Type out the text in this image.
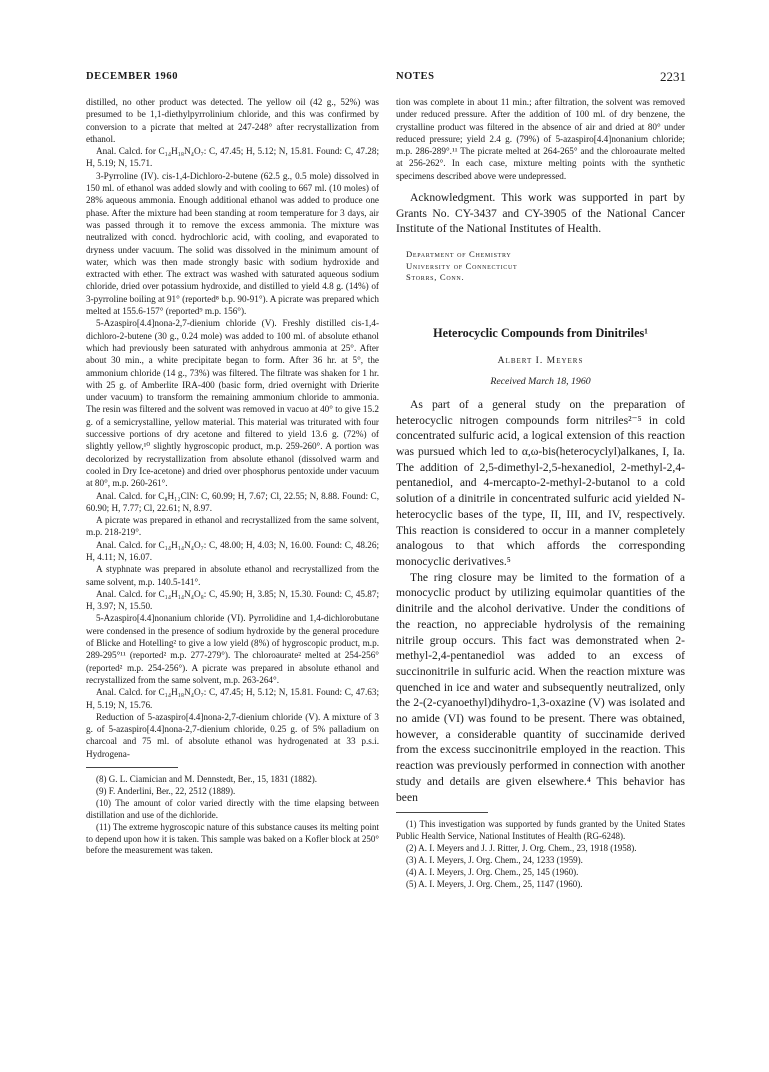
DECEMBER 1960	NOTES	2231

distilled, no other product was detected. The yellow oil (42 g., 52%) was presumed to be 1,1-diethylpyrrolinium chloride, and this was confirmed by conversion to a picrate that melted at 247-248° after recrystallization from ethanol.

Anal. Calcd. for C₁₄H₁₈N₄O₇: C, 47.45; H, 5.12; N, 15.81. Found: C, 47.28; H, 5.19; N, 15.71.

3-Pyrroline (IV). cis-1,4-Dichloro-2-butene (62.5 g., 0.5 mole) dissolved in 150 ml. of ethanol was added slowly and with cooling to 667 ml. (10 moles) of 28% aqueous ammonia. Enough additional ethanol was added to produce one phase. After the mixture had been standing at room temperature for 3 days, air was passed through it to remove the excess ammonia. The mixture was neutralized with concd. hydrochloric acid, with cooling, and evaporated to dryness under vacuum. The solid was dissolved in the minimum amount of water, which was then made strongly basic with sodium hydroxide and extracted with ether. The extract was washed with saturated aqueous sodium chloride, dried over potassium hydroxide, and distilled to yield 4.8 g. (14%) of 3-pyrroline boiling at 91° (reported⁸ b.p. 90-91°). A picrate was prepared which melted at 155.6-157° (reported⁹ m.p. 156°).

5-Azaspiro[4.4]nona-2,7-dienium chloride (V). Freshly distilled cis-1,4-dichloro-2-butene (30 g., 0.24 mole) was added to 100 ml. of absolute ethanol which had previously been saturated with anhydrous ammonia at 25°. After about 30 min., a white precipitate began to form. After 36 hr. at 5°, the ammonium chloride (14 g., 73%) was filtered. The filtrate was shaken for 1 hr. with 25 g. of Amberlite IRA-400 (basic form, dried overnight with Drierite under vacuum) to transform the remaining ammonium chloride to ammonia. The resin was filtered and the solvent was removed in vacuo at 40° to give 15.2 g. of a semicrystalline, yellow material. This material was triturated with four successive portions of dry acetone and filtered to yield 13.6 g. (72%) of slightly yellow,¹⁰ slightly hygroscopic product, m.p. 259-260°. A portion was decolorized by recrystallization from absolute ethanol (dissolved warm and cooled in Dry Ice-acetone) and dried over phosphorus pentoxide under vacuum at 80°, m.p. 260-261°.

Anal. Calcd. for C₈H₁₂ClN: C, 60.99; H, 7.67; Cl, 22.55; N, 8.88. Found: C, 60.90; H, 7.77; Cl, 22.61; N, 8.97.

A picrate was prepared in ethanol and recrystallized from the same solvent, m.p. 218-219°.

Anal. Calcd. for C₁₄H₁₄N₄O₇: C, 48.00; H, 4.03; N, 16.00. Found: C, 48.26; H, 4.11; N, 16.07.

A styphnate was prepared in absolute ethanol and recrystallized from the same solvent, m.p. 140.5-141°.

Anal. Calcd. for C₁₄H₁₄N₄O₈: C, 45.90; H, 3.85; N, 15.30. Found: C, 45.87; H, 3.97; N, 15.50.

5-Azaspiro[4.4]nonanium chloride (VI). Pyrrolidine and 1,4-dichlorobutane were condensed in the presence of sodium hydroxide by the general procedure of Blicke and Hotelling² to give a low yield (8%) of hygroscopic product, m.p. 289-295°¹¹ (reported² m.p. 277-279°). The chloroaurate² melted at 254-256° (reported² m.p. 254-256°). A picrate was prepared in absolute ethanol and recrystallized from the same solvent, m.p. 263-264°.

Anal. Calcd. for C₁₄H₁₈N₄O₇: C, 47.45; H, 5.12; N, 15.81. Found: C, 47.63; H, 5.19; N, 15.76.

Reduction of 5-azaspiro[4.4]nona-2,7-dienium chloride (V). A mixture of 3 g. of 5-azaspiro[4.4]nona-2,7-dienium chloride, 0.25 g. of 5% palladium on charcoal and 75 ml. of absolute ethanol was hydrogenated at 33 p.s.i. Hydrogena-

(8) G. L. Ciamician and M. Dennstedt, Ber., 15, 1831 (1882).

(9) F. Anderlini, Ber., 22, 2512 (1889).

(10) The amount of color varied directly with the time elapsing between distillation and use of the dichloride.

(11) The extreme hygroscopic nature of this substance causes its melting point to depend upon how it is taken. This sample was baked on a Kofler block at 250° before the measurement was taken.

tion was complete in about 11 min.; after filtration, the solvent was removed under reduced pressure. After the addition of 100 ml. of dry benzene, the crystalline product was filtered in the absence of air and dried at 80° under reduced pressure; yield 2.4 g. (79%) of 5-azaspiro[4.4]nonanium chloride; m.p. 286-289°.¹¹ The picrate melted at 264-265° and the chloroaurate melted at 256-262°. In each case, mixture melting points with the synthetic specimens described above were undepressed.

Acknowledgment. This work was supported in part by Grants No. CY-3437 and CY-3905 of the National Cancer Institute of the National Institutes of Health.

Department of Chemistry
University of Connecticut
Storrs, Conn.
Heterocyclic Compounds from Dinitriles¹
Albert I. Meyers
Received March 18, 1960

As part of a general study on the preparation of heterocyclic nitrogen compounds form nitriles²⁻⁵ in cold concentrated sulfuric acid, a logical extension of this reaction was pursued which led to α,ω-bis(heterocyclyl)alkanes, I, Ia. The addition of 2,5-dimethyl-2,5-hexanediol, 2-methyl-2,4-pentanediol, and 4-mercapto-2-methyl-2-butanol to a cold solution of a dinitrile in concentrated sulfuric acid yielded N-heterocyclic bases of the type, II, III, and IV, respectively. This reaction is considered to occur in a manner completely analogous to that which affords the corresponding monocyclic derivatives.⁵

The ring closure may be limited to the formation of a monocyclic product by utilizing equimolar quantities of the dinitrile and the alcohol derivative. Under the conditions of the reaction, no appreciable hydrolysis of the remaining nitrile group occurs. This fact was demonstrated when 2-methyl-2,4-pentanediol was added to an excess of succinonitrile in sulfuric acid. When the reaction mixture was quenched in ice and water and subsequently neutralized, only the 2-(2-cyanoethyl)dihydro-1,3-oxazine (V) was isolated and no amide (VI) was found to be present. There was obtained, however, a considerable quantity of succinamide derived from the excess succinonitrile employed in the reaction. This reaction was previously performed in connection with another study and details are given elsewhere.⁴ This behavior has been

(1) This investigation was supported by funds granted by the United States Public Health Service, National Institutes of Health (RG-6248).

(2) A. I. Meyers and J. J. Ritter, J. Org. Chem., 23, 1918 (1958).

(3) A. I. Meyers, J. Org. Chem., 24, 1233 (1959).

(4) A. I. Meyers, J. Org. Chem., 25, 145 (1960).

(5) A. I. Meyers, J. Org. Chem., 25, 1147 (1960).
